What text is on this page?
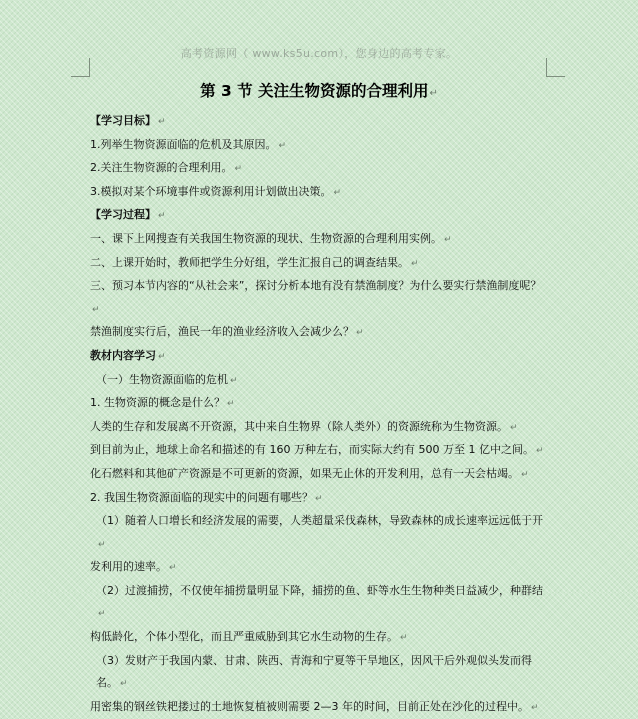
高考资源网（ www.ks5u.com），您身边的高考专家。
第 3 节 关注生物资源的合理利用↵

【学习目标】 ↵

1.列举生物资源面临的危机及其原因。 ↵

2.关注生物资源的合理利用。 ↵

3.模拟对某个环境事件或资源利用计划做出决策。 ↵

【学习过程】 ↵

一、课下上网搜查有关我国生物资源的现状、生物资源的合理利用实例。 ↵

二、上课开始时，教师把学生分好组，学生汇报自己的调查结果。 ↵

三、预习本节内容的“从社会来”，探讨分析本地有没有禁渔制度？为什么要实行禁渔制度呢？↵

禁渔制度实行后，渔民一年的渔业经济收入会减少么？ ↵

教材内容学习 ↵

（一）生物资源面临的危机 ↵

1. 生物资源的概念是什么？ ↵

人类的生存和发展离不开资源，其中来自生物界（除人类外）的资源统称为生物资源。 ↵

到目前为止，地球上命名和描述的有 160 万种左右，而实际大约有 500 万至 1 亿中之间。 ↵

化石燃料和其他矿产资源是不可更新的资源，如果无止休的开发利用，总有一天会枯竭。 ↵

2. 我国生物资源面临的现实中的问题有哪些？ ↵

（1）随着人口增长和经济发展的需要，人类超量采伐森林，导致森林的成长速率远远低于开↵

发利用的速率。 ↵

（2）过渡捕捞，不仅使年捕捞量明显下降，捕捞的鱼、虾等水生生物种类日益减少，种群结↵

构低龄化，个体小型化，而且严重威胁到其它水生动物的生存。 ↵

（3）发财产于我国内蒙、甘肃、陕西、青海和宁夏等干旱地区，因风干后外观似头发而得名。 ↵

用密集的钢丝铁耙搂过的土地恢复植被则需要 2—3 年的时间，目前正处在沙化的过程中。 ↵
